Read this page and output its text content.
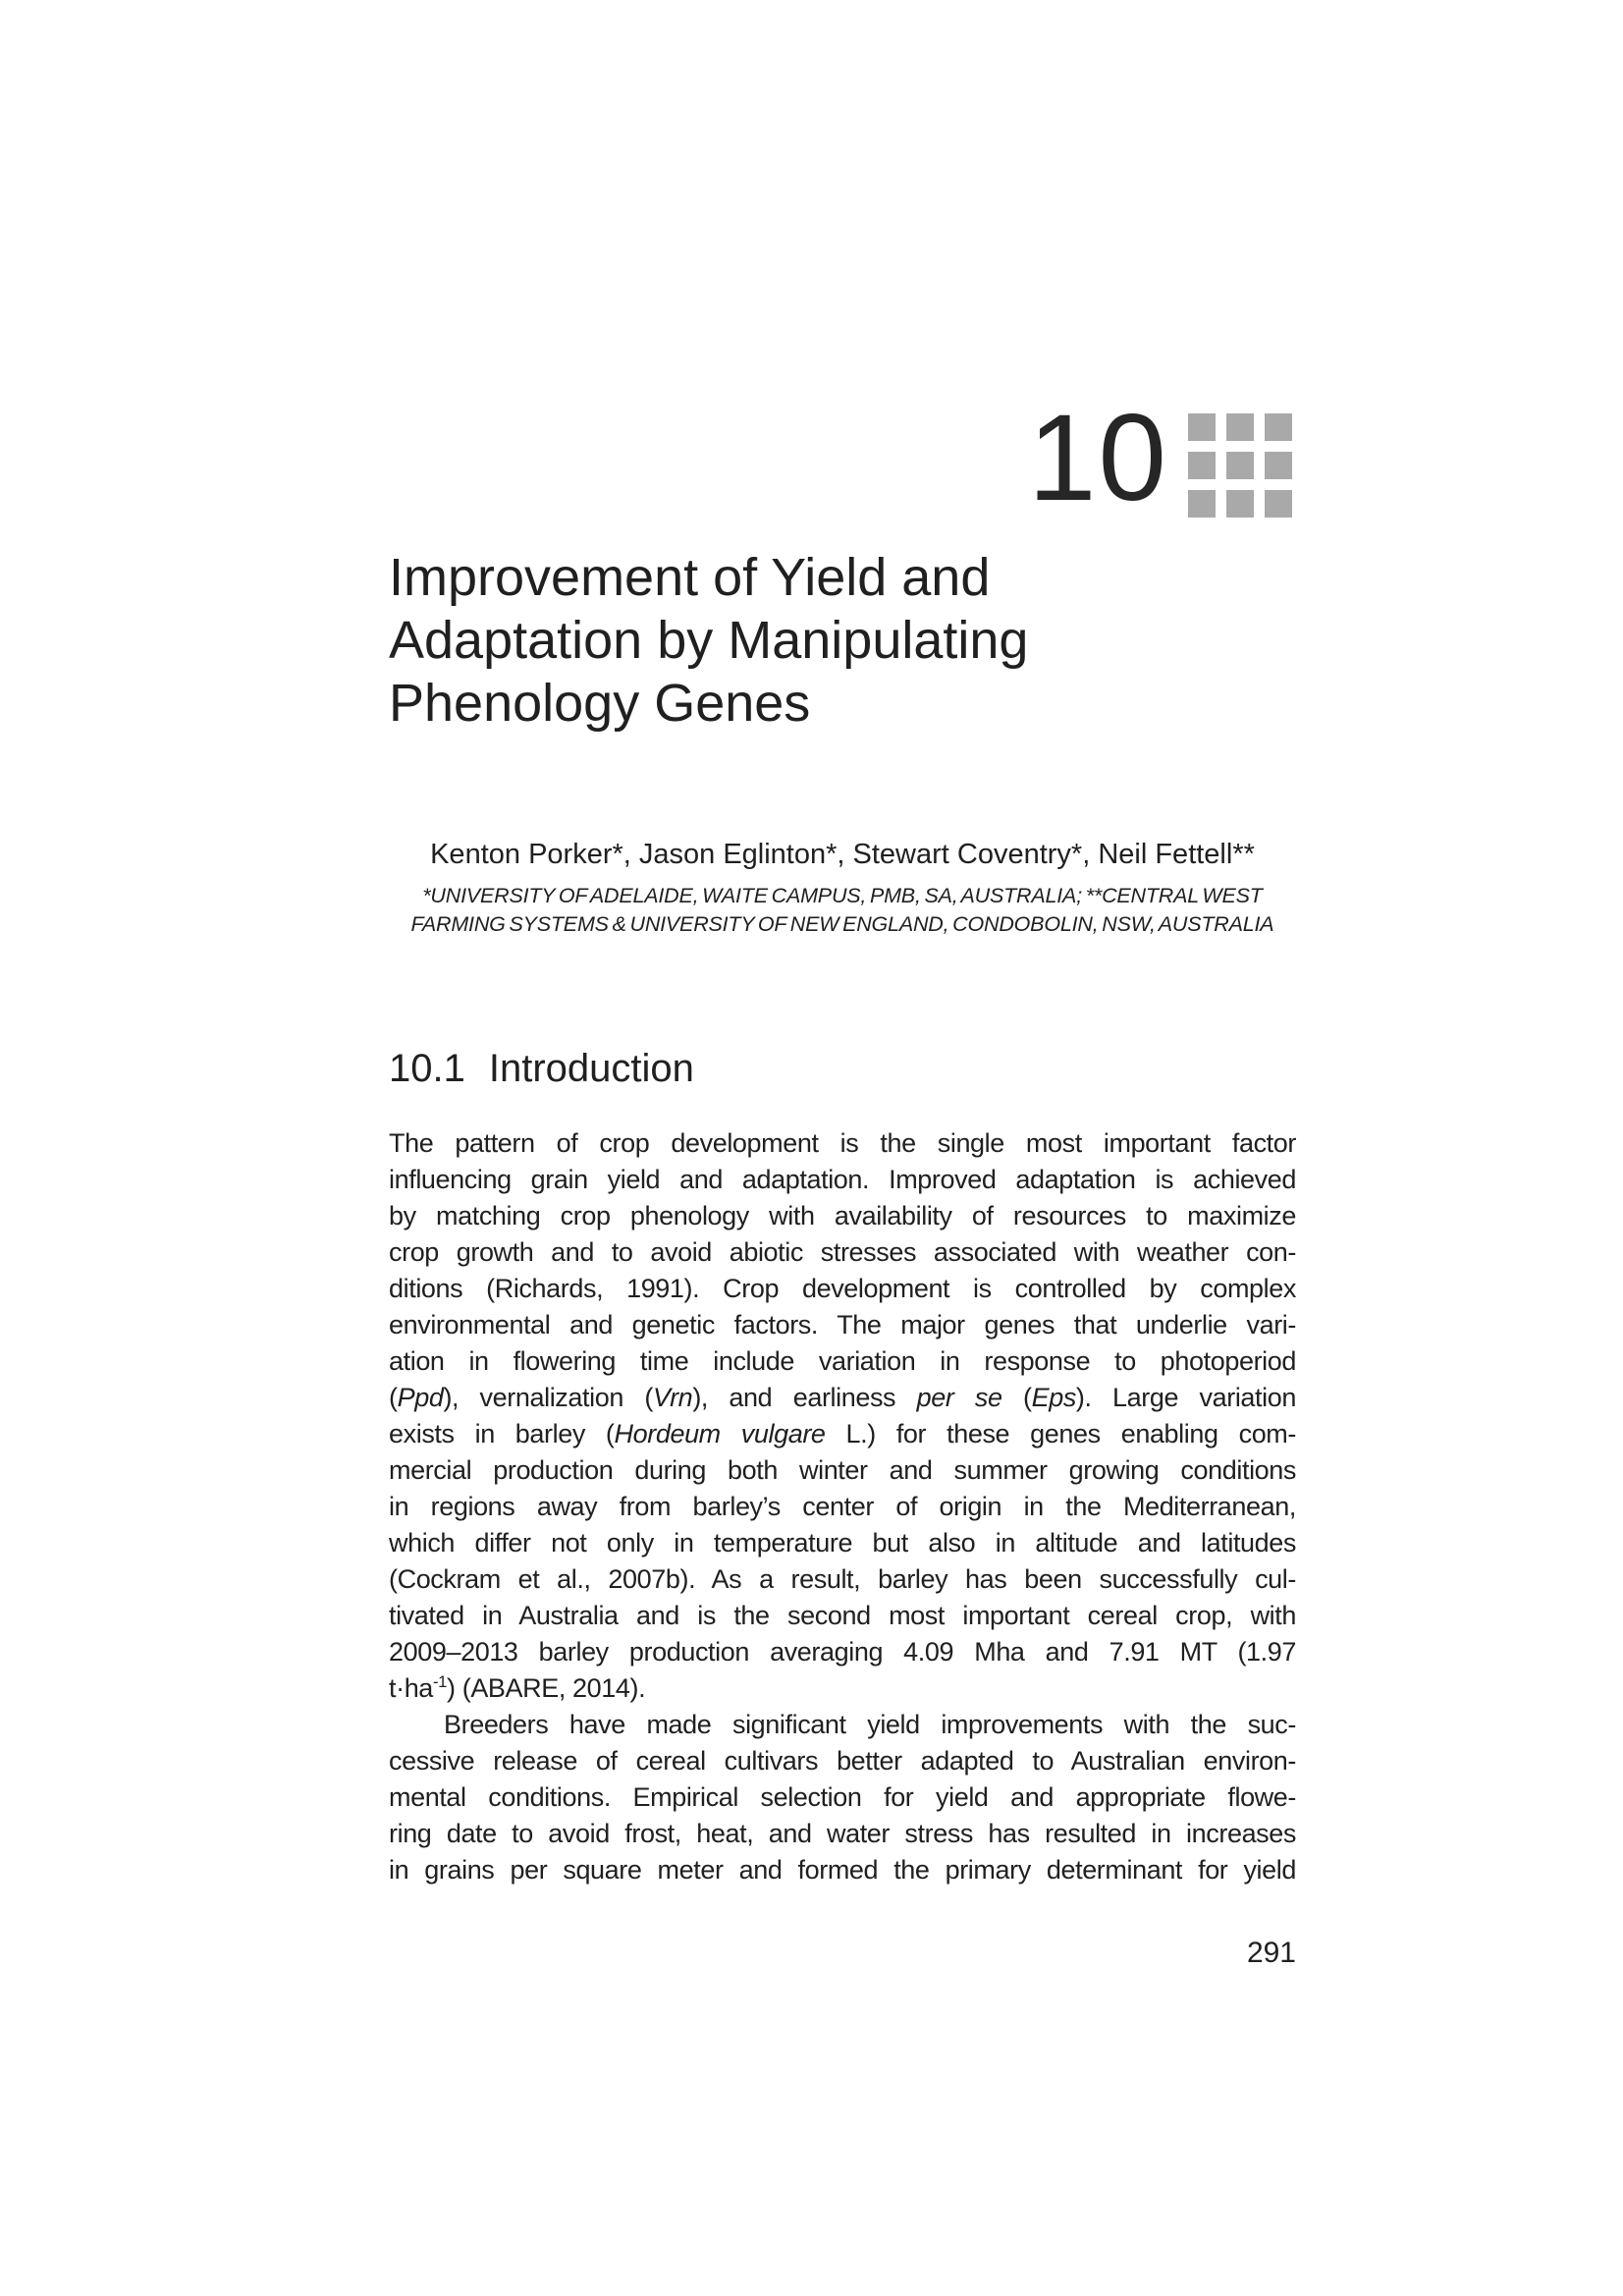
10
Improvement of Yield and
Adaptation by Manipulating
Phenology Genes
Kenton Porker*, Jason Eglinton*, Stewart Coventry*, Neil Fettell**
*UNIVERSITY OF ADELAIDE, WAITE CAMPUS, PMB, SA, AUSTRALIA; **CENTRAL WEST
FARMING SYSTEMS & UNIVERSITY OF NEW ENGLAND, CONDOBOLIN, NSW, AUSTRALIA
10.1 Introduction
The pattern of crop development is the single most important factor
influencing grain yield and adaptation. Improved adaptation is achieved
by matching crop phenology with availability of resources to maximize
crop growth and to avoid abiotic stresses associated with weather con-
ditions (Richards, 1991). Crop development is controlled by complex
environmental and genetic factors. The major genes that underlie vari-
ation in flowering time include variation in response to photoperiod
(Ppd), vernalization (Vrn), and earliness per se (Eps). Large variation
exists in barley (Hordeum vulgare L.) for these genes enabling com-
mercial production during both winter and summer growing conditions
in regions away from barley’s center of origin in the Mediterranean,
which differ not only in temperature but also in altitude and latitudes
(Cockram et al., 2007b). As a result, barley has been successfully cul-
tivated in Australia and is the second most important cereal crop, with
2009–2013 barley production averaging 4.09 Mha and 7.91 MT (1.97
$t\cdot ha^{-1}$) (ABARE, 2014).
Breeders have made significant yield improvements with the suc-
cessive release of cereal cultivars better adapted to Australian environ-
mental conditions. Empirical selection for yield and appropriate flowe-
ring date to avoid frost, heat, and water stress has resulted in increases
in grains per square meter and formed the primary determinant for yield
291
